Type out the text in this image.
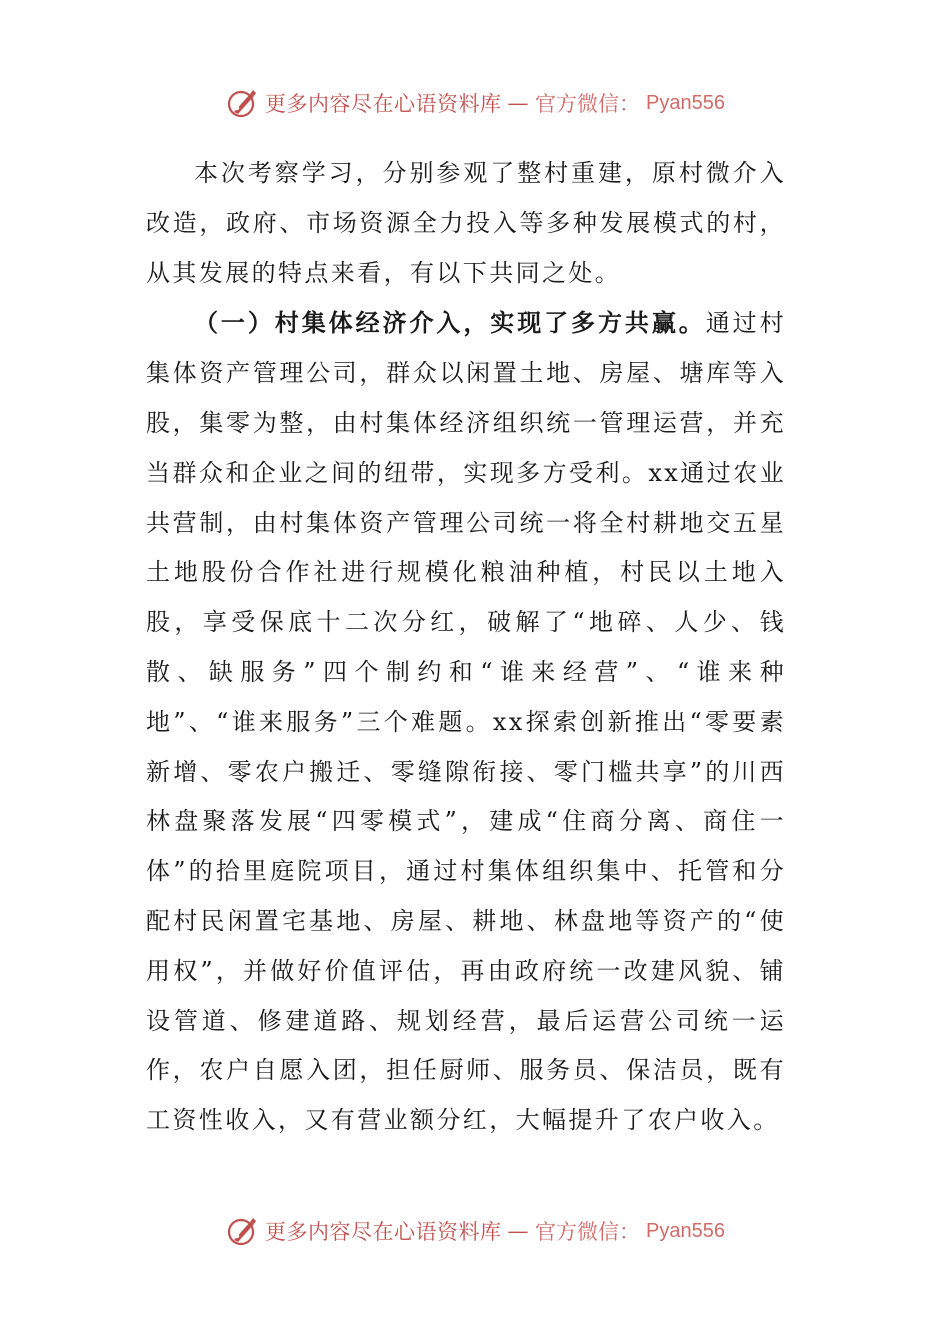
更多内容尽在心语资料库 — 官方微信： Pyan556

本次考察学习，分别参观了整村重建，原村微介入改造，政府、市场资源全力投入等多种发展模式的村，从其发展的特点来看，有以下共同之处。

（一）村集体经济介入，实现了多方共赢。通过村集体资产管理公司，群众以闲置土地、房屋、塘库等入股，集零为整，由村集体经济组织统一管理运营，并充当群众和企业之间的纽带，实现多方受利。xx通过农业共营制，由村集体资产管理公司统一将全村耕地交五星土地股份合作社进行规模化粮油种植，村民以土地入股，享受保底十二次分红，破解了“地碎、人少、钱散、缺服务”四个制约和“谁来经营”、“谁来种地”、“谁来服务”三个难题。xx探索创新推出“零要素新增、零农户搬迁、零缝隙衔接、零门槛共享”的川西林盘聚落发展“四零模式”，建成“住商分离、商住一体”的拾里庭院项目，通过村集体组织集中、托管和分配村民闲置宅基地、房屋、耕地、林盘地等资产的“使用权”，并做好价值评估，再由政府统一改建风貌、铺设管道、修建道路、规划经营，最后运营公司统一运作，农户自愿入团，担任厨师、服务员、保洁员，既有工资性收入，又有营业额分红，大幅提升了农户收入。

更多内容尽在心语资料库 — 官方微信： Pyan556
